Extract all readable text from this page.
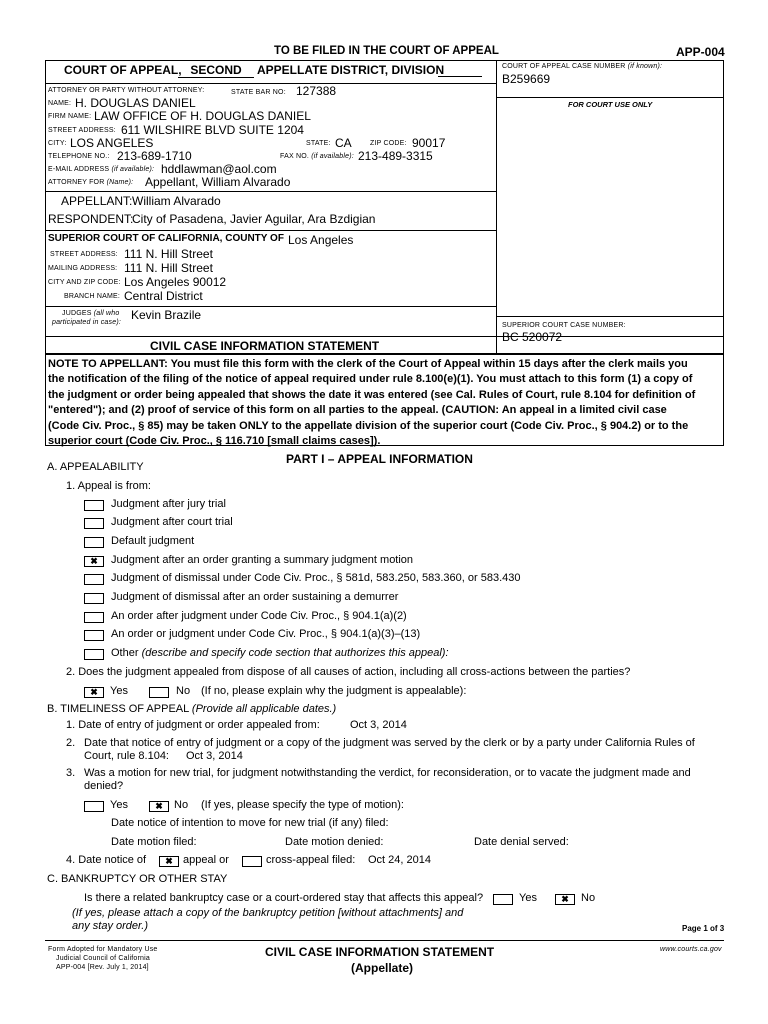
TO BE FILED IN THE COURT OF APPEAL	APP-004
COURT OF APPEAL, SECOND	APPELLATE DISTRICT, DIVISION	COURT OF APPEAL CASE NUMBER (if known):
B259669
FOR COURT USE ONLY
ATTORNEY OR PARTY WITHOUT ATTORNEY:	STATE BAR NO: 127388
NAME: H. DOUGLAS DANIEL
FIRM NAME: LAW OFFICE OF H. DOUGLAS DANIEL
STREET ADDRESS: 611 WILSHIRE BLVD SUITE 1204
CITY: LOS ANGELES	STATE: CA	ZIP CODE: 90017
TELEPHONE NO.: 213-689-1710	FAX NO. (if available): 213-489-3315
E-MAIL ADDRESS (if available): hddlawman@aol.com
ATTORNEY FOR (Name): Appellant, William Alvarado
APPELLANT: William Alvarado
RESPONDENT:
City of Pasadena, Javier Aguilar, Ara Bzdigian
SUPERIOR COURT OF CALIFORNIA, COUNTY OF Los Angeles
STREET ADDRESS: 111 N. Hill Street
MAILING ADDRESS: 111 N. Hill Street
CITY AND ZIP CODE: Los Angeles 90012
BRANCH NAME: Central District
JUDGES (all who
participated in case):
Kevin Brazile
SUPERIOR COURT CASE NUMBER:
BC 520072
CIVIL CASE INFORMATION STATEMENT
NOTE TO APPELLANT: You must file this form with the clerk of the Court of Appeal within 15 days after the clerk mails you
the notification of the filing of the notice of appeal required under rule 8.100(e)(1). You must attach to this form (1) a copy of
the judgment or order being appealed that shows the date it was entered (see Cal. Rules of Court, rule 8.104 for definition of
"entered"); and (2) proof of service of this form on all parties to the appeal. (CAUTION: An appeal in a limited civil case
(Code Civ. Proc., § 85) may be taken ONLY to the appellate division of the superior court (Code Civ. Proc., § 904.2) or to the
superior court (Code Civ. Proc., § 116.710 [small claims cases]).
PART I – APPEAL INFORMATION
A. APPEALABILITY
1. Appeal is from:
Judgment after jury trial
Judgment after court trial
Default judgment
✖	Judgment after an order granting a summary judgment motion
Judgment of dismissal under Code Civ. Proc., § 581d, 583.250, 583.360, or 583.430
Judgment of dismissal after an order sustaining a demurrer
An order after judgment under Code Civ. Proc., § 904.1(a)(2)
An order or judgment under Code Civ. Proc., § 904.1(a)(3)–(13)
Other (describe and specify code section that authorizes this appeal):
2. Does the judgment appealed from dispose of all causes of action, including all cross-actions between the parties?
✖	Yes	No (If no, please explain why the judgment is appealable):
B. TIMELINESS OF APPEAL (Provide all applicable dates.)
1. Date of entry of judgment or order appealed from:	Oct 3, 2014
2. Date that notice of entry of judgment or a copy of the judgment was served by the clerk or by a party under California Rules of
Court, rule 8.104: Oct 3, 2014
3. Was a motion for new trial, for judgment notwithstanding the verdict, for reconsideration, or to vacate the judgment made and
denied?
Yes	✖	No (If yes, please specify the type of motion):
Date notice of intention to move for new trial (if any) filed:
Date motion filed:	Date motion denied:	Date denial served:
4. Date notice of	✖ appeal or	cross-appeal filed: Oct 24, 2014
C. BANKRUPTCY OR OTHER STAY
Is there a related bankruptcy case or a court-ordered stay that affects this appeal?	Yes	✖	No
(If yes, please attach a copy of the bankruptcy petition [without attachments] and
any stay order.)	Page 1 of 3
Form Adopted for Mandatory Use
Judicial Council of California
APP-004 [Rev. July 1, 2014]
CIVIL CASE INFORMATION STATEMENT
(Appellate)
www.courts.ca.gov
